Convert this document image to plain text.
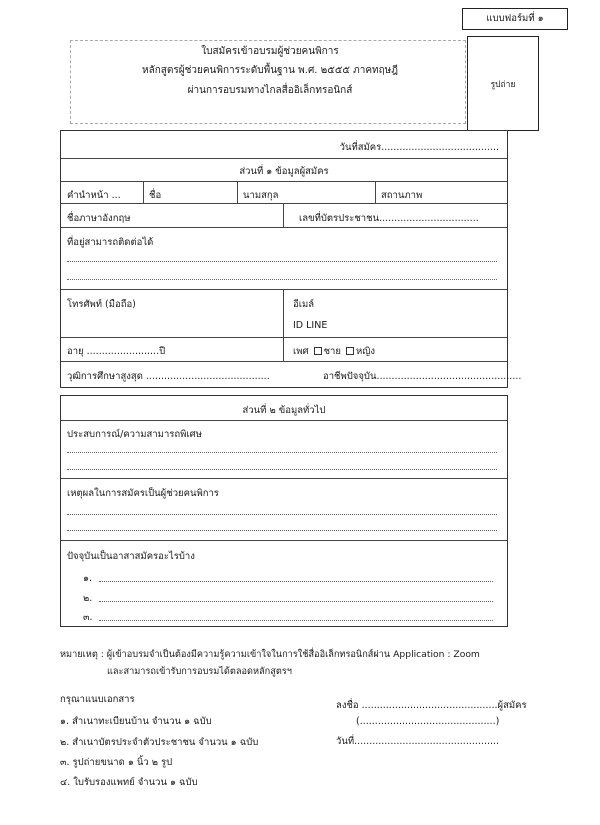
แบบฟอร์มที่ ๑
ใบสมัครเข้าอบรมผู้ช่วยคนพิการ
หลักสูตรผู้ช่วยคนพิการระดับพื้นฐาน พ.ศ. ๒๕๕๕ ภาคทฤษฎี
ผ่านการอบรมทางไกลสื่ออิเล็กทรอนิกส์	รูปถ่าย
วันที่สมัคร.......................................
ส่วนที่ ๑ ข้อมูลผู้สมัคร
คำนำหน้า ...	ชื่อ	นามสกุล	สถานภาพ
ชื่อภาษาอังกฤษ	เลขที่บัตรประชาชน.................................
ที่อยู่สามารถติดต่อได้
โทรศัพท์ (มือถือ)	อีเมล์
ID LINE
อายุ ........................ปี	เพศ ชาย หญิง
วุฒิการศึกษาสูงสุด .........................................	อาชีพปัจจุบัน................................................
ส่วนที่ ๒ ข้อมูลทั่วไป
ประสบการณ์/ความสามารถพิเศษ
เหตุผลในการสมัครเป็นผู้ช่วยคนพิการ
ปัจจุบันเป็นอาสาสมัครอะไรบ้าง
๑.
๒.
๓.
หมายเหตุ : ผู้เข้าอบรมจำเป็นต้องมีความรู้ความเข้าใจในการใช้สื่ออิเล็กทรอนิกส์ผ่าน Application : Zoom
และสามารถเข้ารับการอบรมได้ตลอดหลักสูตรฯ
กรุณาแนบเอกสาร
๑. สำเนาทะเบียนบ้าน จำนวน ๑ ฉบับ
๒. สำเนาบัตรประจำตัวประชาชน จำนวน ๑ ฉบับ
๓. รูปถ่ายขนาด ๑ นิ้ว ๒ รูป
๔. ใบรับรองแพทย์ จำนวน ๑ ฉบับ
ลงชื่อ .............................................ผู้สมัคร
(.............................................)
วันที่................................................
